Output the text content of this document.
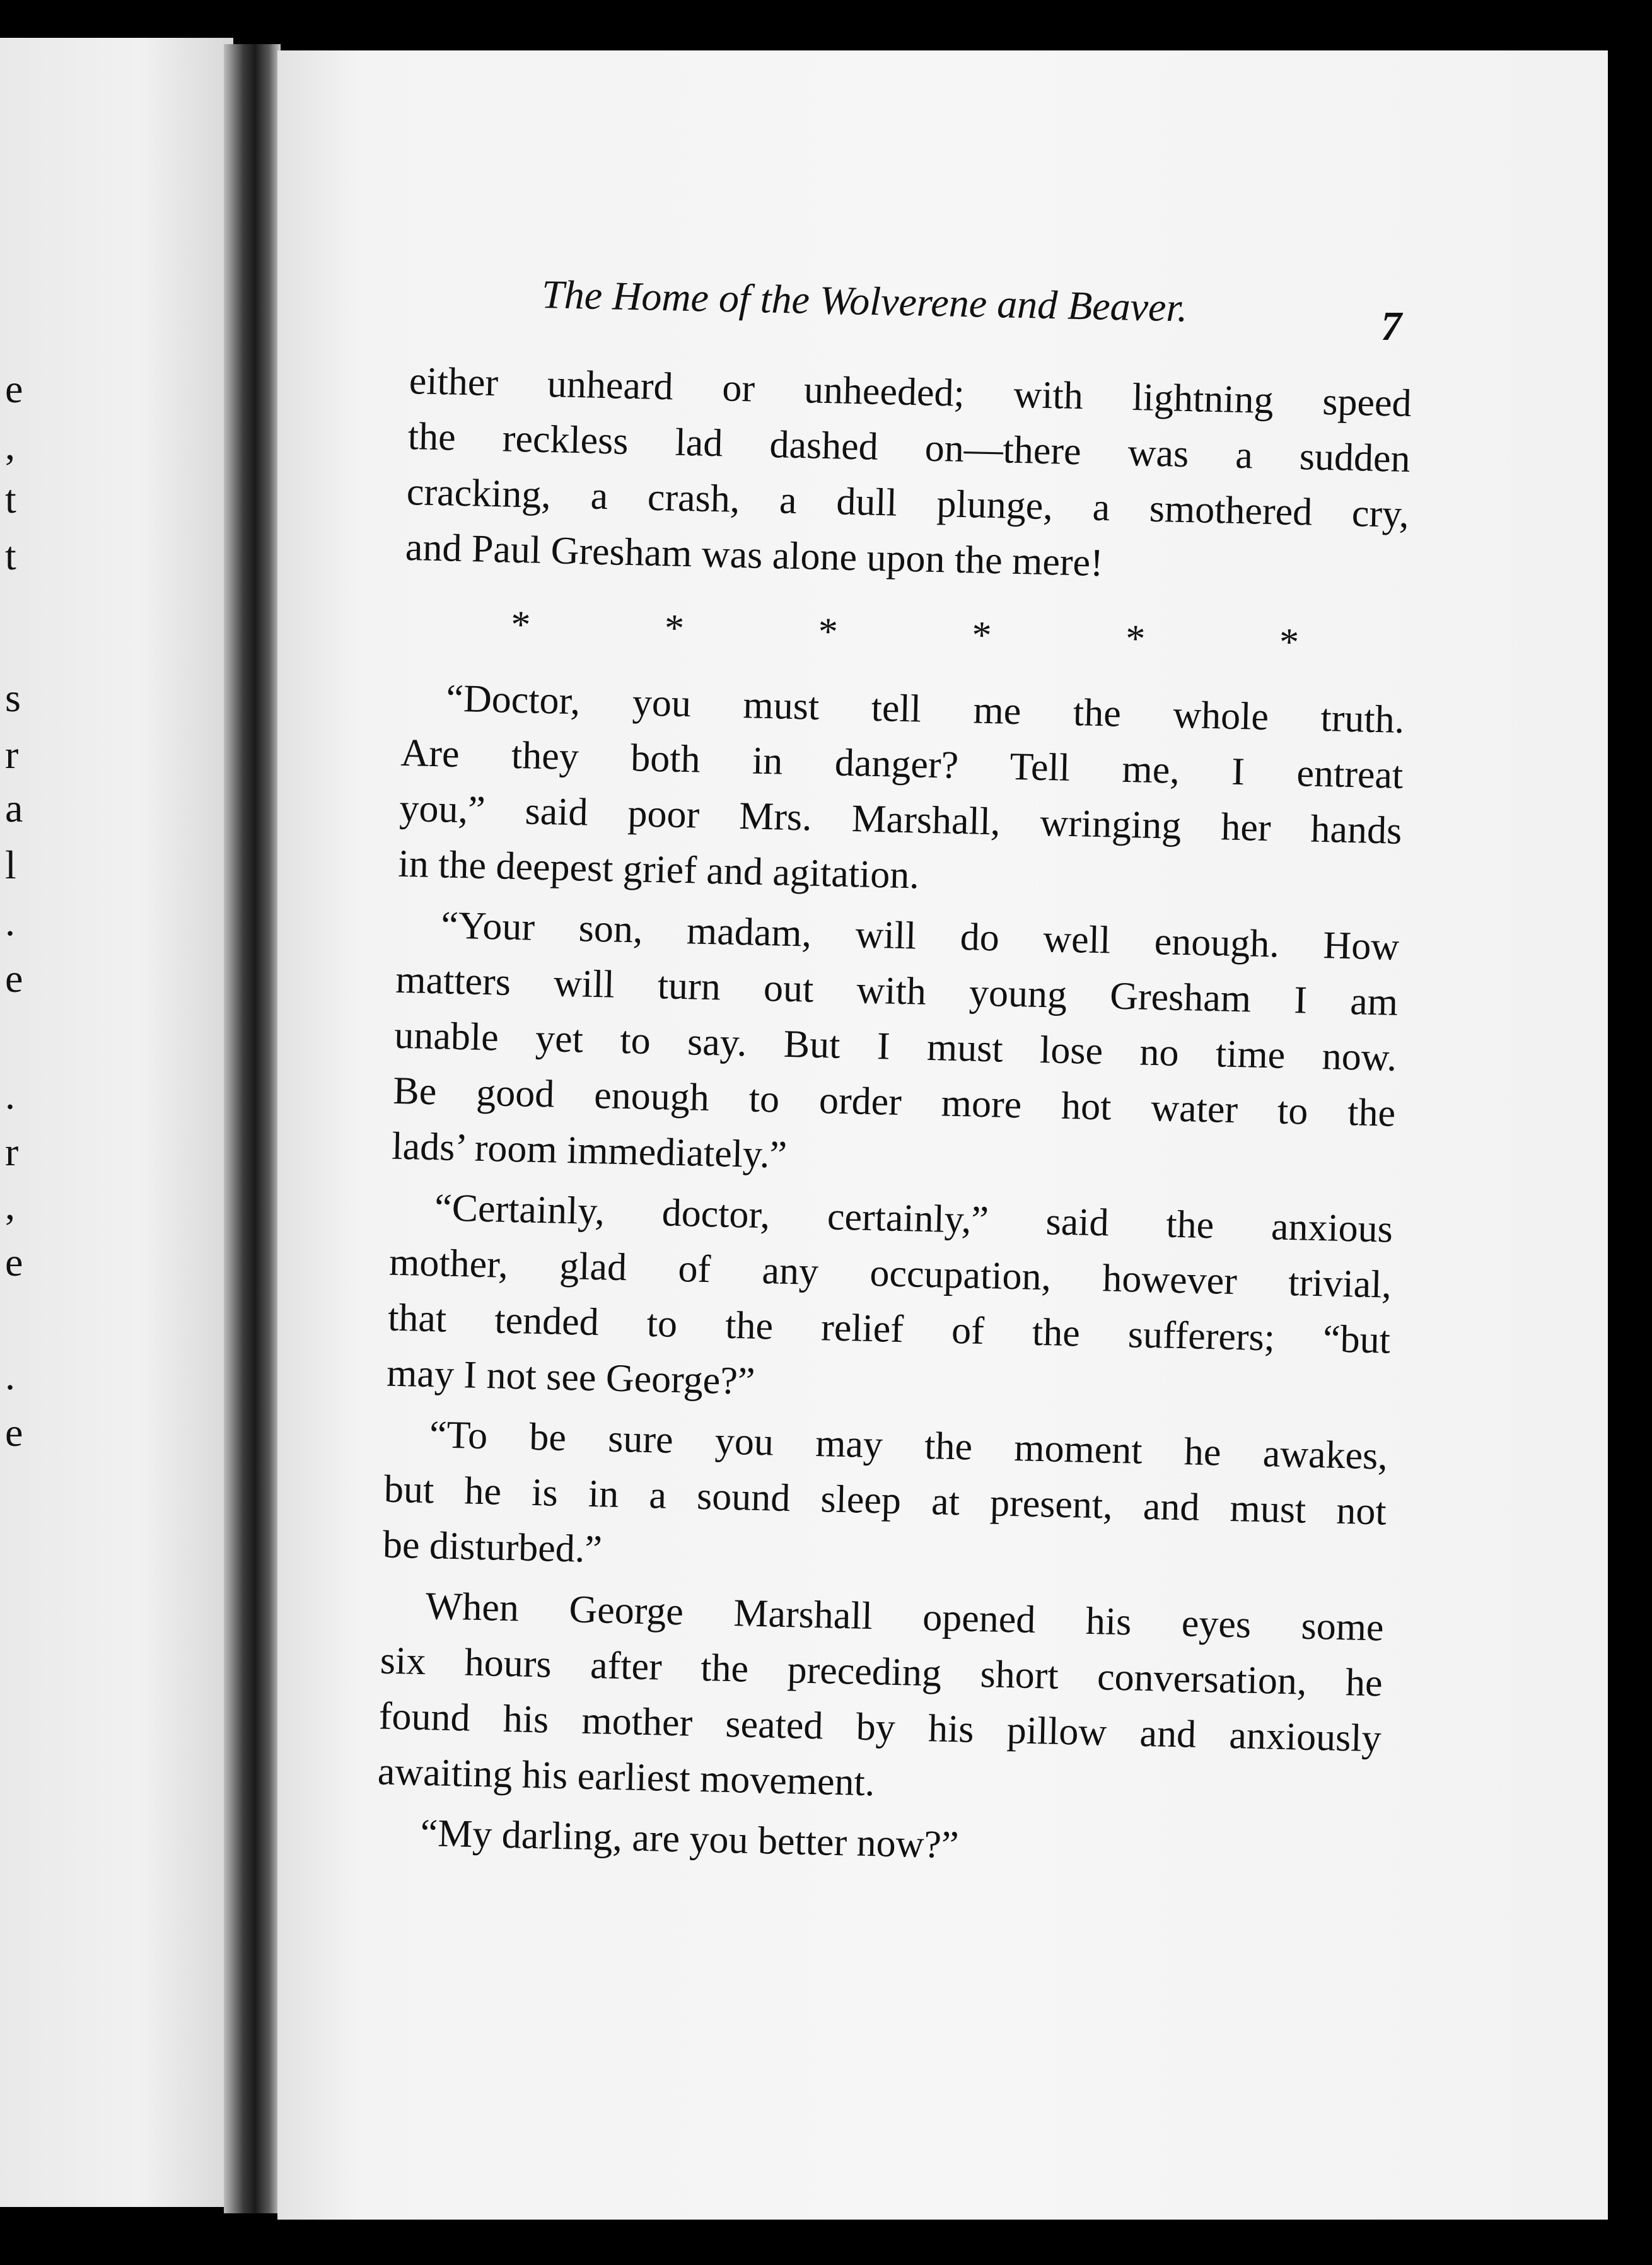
e
,
t
t
s
r
a
l
.
e
.
r
,
e
.
e
The Home of the Wolverene and Beaver.	7
either unheard or unheeded; with lightning speed
the reckless lad dashed on—there was a sudden
cracking, a crash, a dull plunge, a smothered cry,
and Paul Gresham was alone upon the mere!
*	*	*	*	*	*
“Doctor, you must tell me the whole truth.
Are they both in danger? Tell me, I entreat
you,” said poor Mrs. Marshall, wringing her hands
in the deepest grief and agitation.
“Your son, madam, will do well enough. How
matters will turn out with young Gresham I am
unable yet to say. But I must lose no time now.
Be good enough to order more hot water to the
lads’ room immediately.”
“Certainly, doctor, certainly,” said the anxious
mother, glad of any occupation, however trivial,
that tended to the relief of the sufferers; “but
may I not see George?”
“To be sure you may the moment he awakes,
but he is in a sound sleep at present, and must not
be disturbed.”
When George Marshall opened his eyes some
six hours after the preceding short conversation, he
found his mother seated by his pillow and anxiously
awaiting his earliest movement.
“My darling, are you better now?”
